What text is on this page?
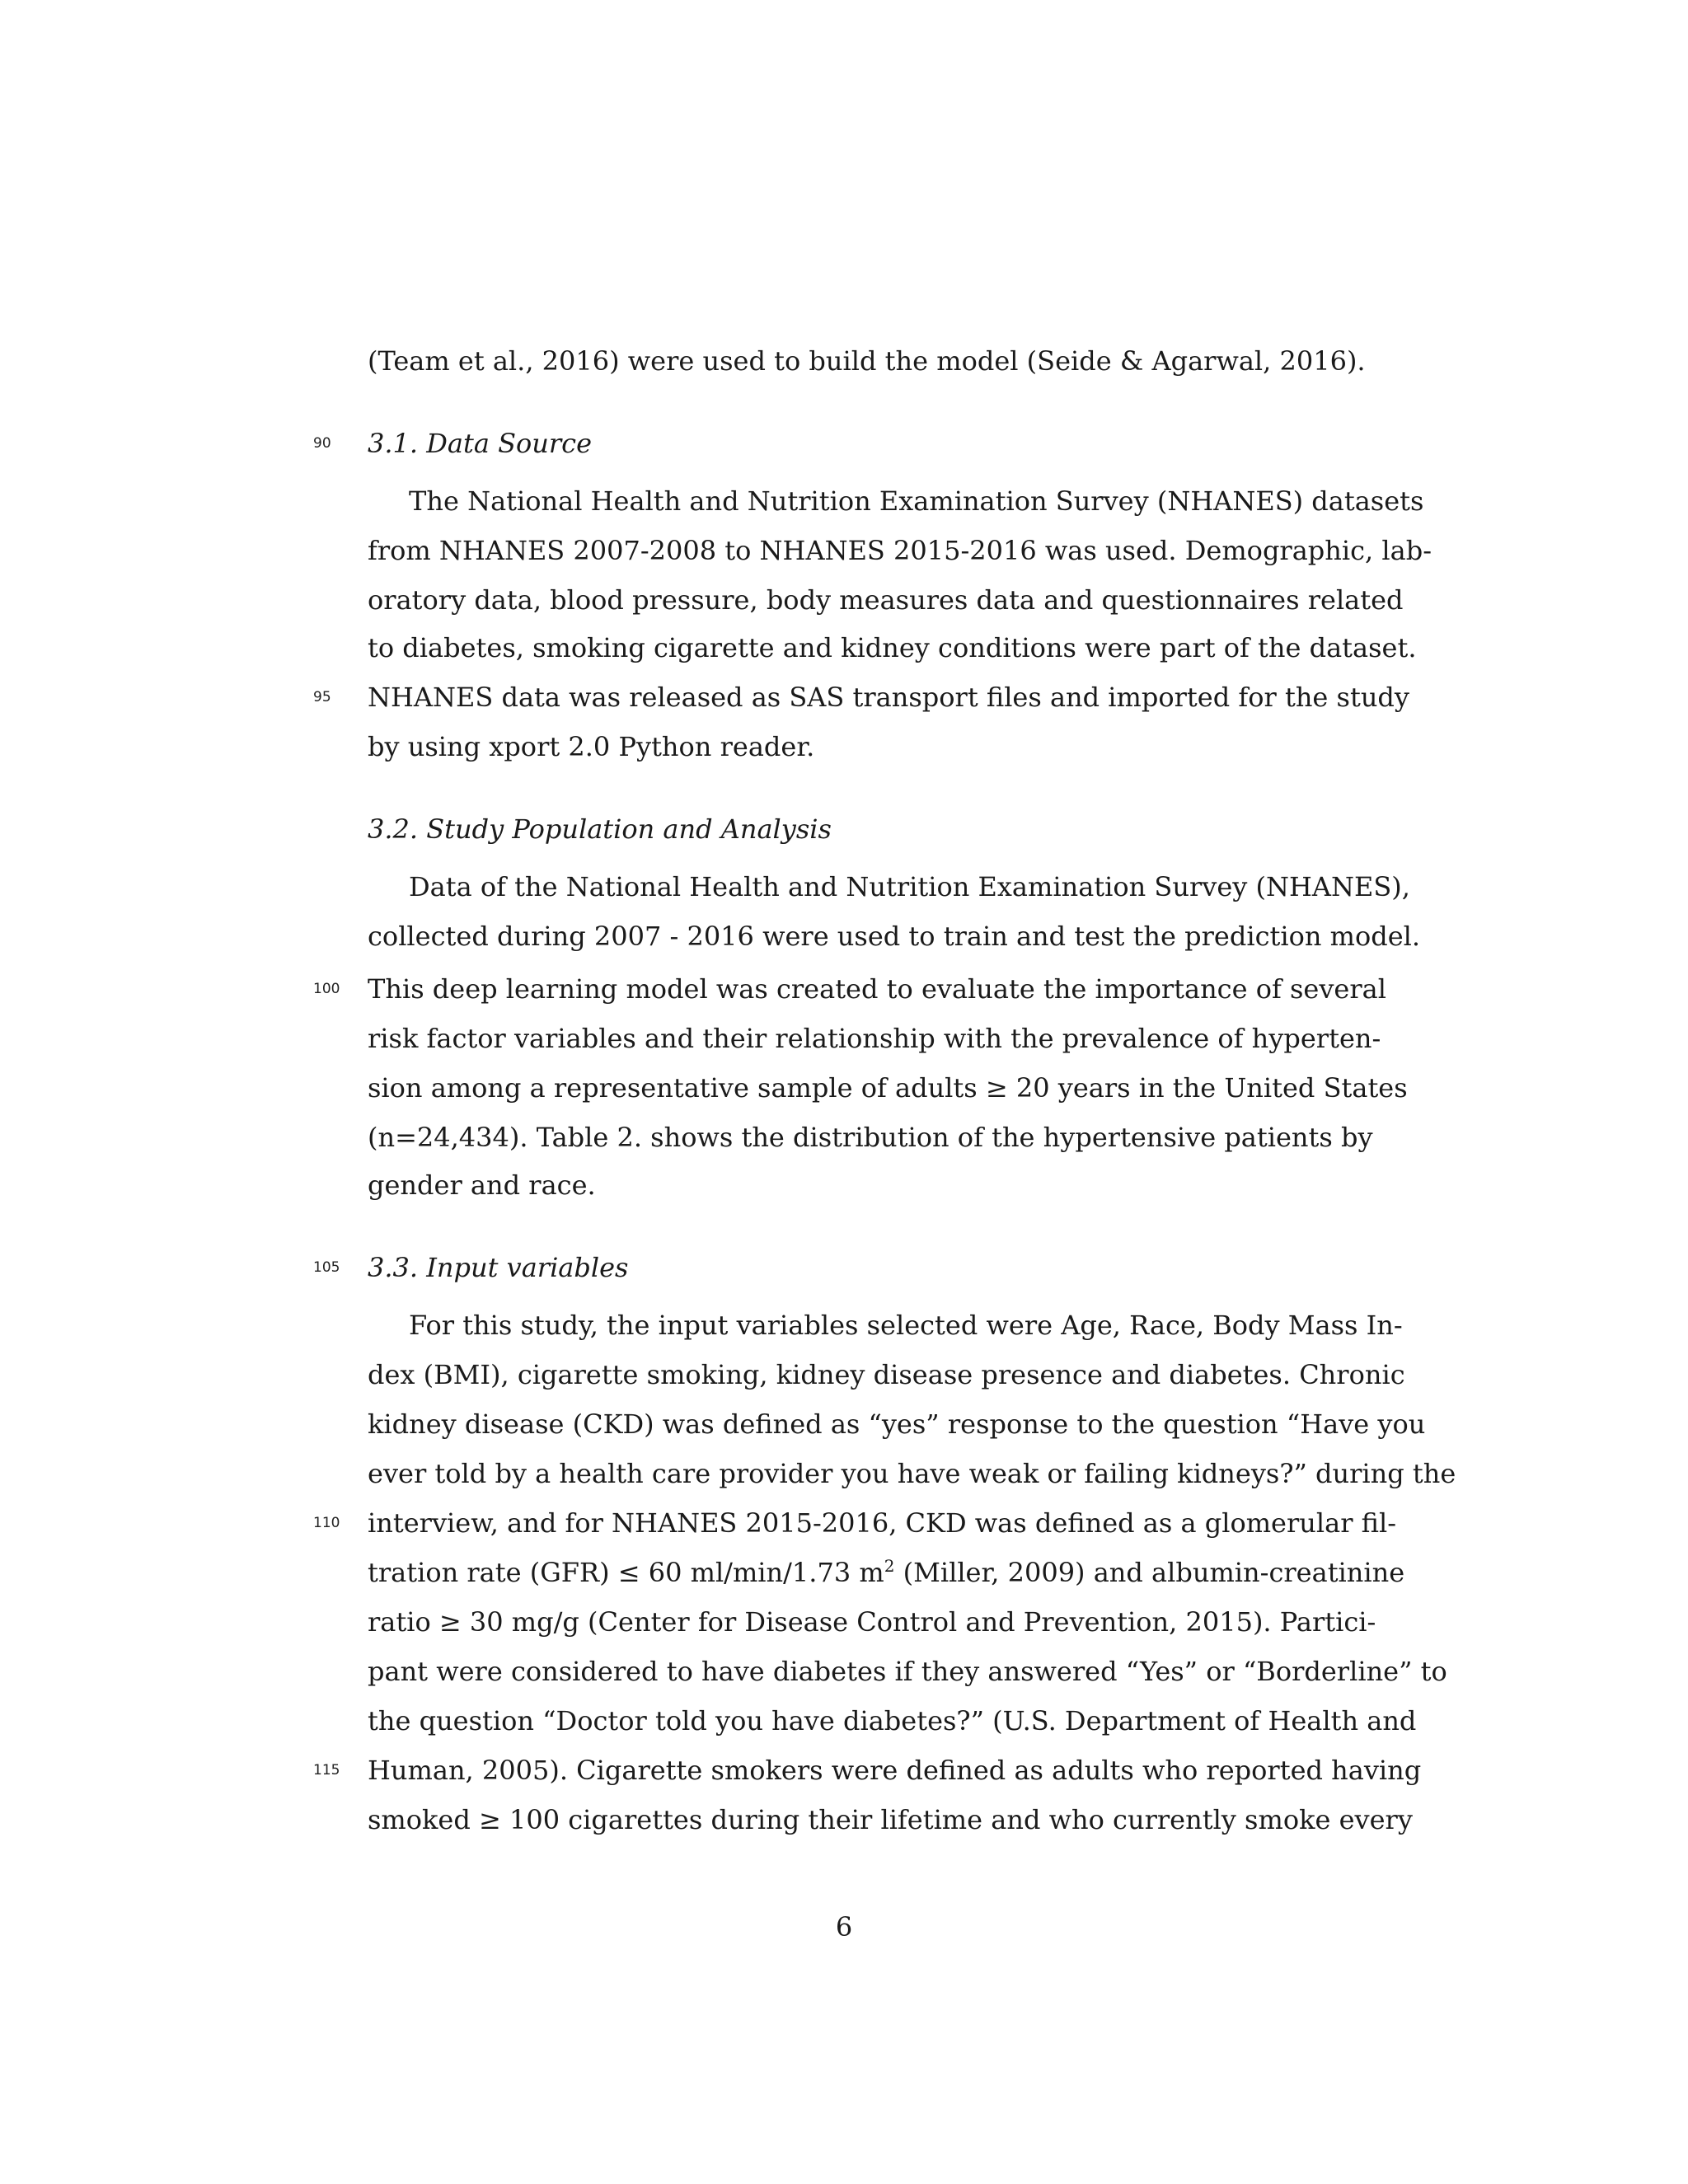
90
95
100
105
110
115
(Team et al., 2016) were used to build the model (Seide & Agarwal, 2016).
3.1. Data Source
The National Health and Nutrition Examination Survey (NHANES) datasets
from NHANES 2007-2008 to NHANES 2015-2016 was used. Demographic, lab-
oratory data, blood pressure, body measures data and questionnaires related
to diabetes, smoking cigarette and kidney conditions were part of the dataset.
NHANES data was released as SAS transport files and imported for the study
by using xport 2.0 Python reader.
3.2. Study Population and Analysis
Data of the National Health and Nutrition Examination Survey (NHANES),
collected during 2007 - 2016 were used to train and test the prediction model.
This deep learning model was created to evaluate the importance of several
risk factor variables and their relationship with the prevalence of hyperten-
sion among a representative sample of adults ≥ 20 years in the United States
(n=24,434). Table 2. shows the distribution of the hypertensive patients by
gender and race.
3.3. Input variables
For this study, the input variables selected were Age, Race, Body Mass In-
dex (BMI), cigarette smoking, kidney disease presence and diabetes. Chronic
kidney disease (CKD) was defined as “yes” response to the question “Have you
ever told by a health care provider you have weak or failing kidneys?” during the
interview, and for NHANES 2015-2016, CKD was defined as a glomerular fil-
tration rate (GFR) ≤ 60 ml/min/1.73 $m^2$ (Miller, 2009) and albumin-creatinine
ratio ≥ 30 mg/g (Center for Disease Control and Prevention, 2015). Partici-
pant were considered to have diabetes if they answered “Yes” or “Borderline” to
the question “Doctor told you have diabetes?” (U.S. Department of Health and
Human, 2005). Cigarette smokers were defined as adults who reported having
smoked ≥ 100 cigarettes during their lifetime and who currently smoke every
6
